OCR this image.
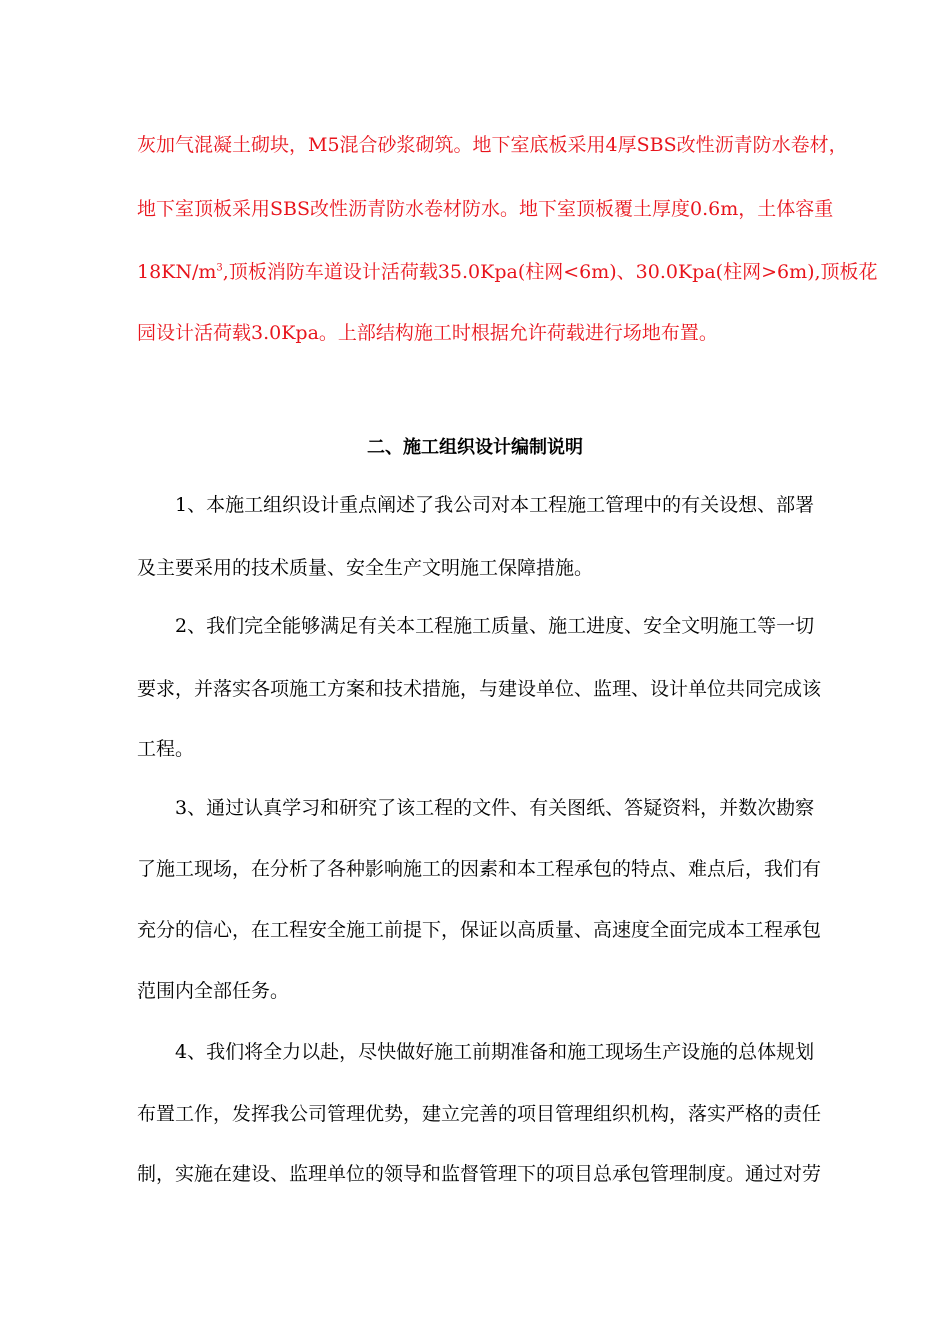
灰加气混凝土砌块，M5混合砂浆砌筑。地下室底板采用4厚SBS改性沥青防水卷材，
地下室顶板采用SBS改性沥青防水卷材防水。地下室顶板覆土厚度0.6m，土体容重
$18KN/m^3$,顶板消防车道设计活荷载35.0Kpa(柱网<6m)、30.0Kpa(柱网>6m),顶板花
园设计活荷载3.0Kpa。上部结构施工时根据允许荷载进行场地布置。
二、施工组织设计编制说明
1、本施工组织设计重点阐述了我公司对本工程施工管理中的有关设想、部署
及主要采用的技术质量、安全生产文明施工保障措施。
2、我们完全能够满足有关本工程施工质量、施工进度、安全文明施工等一切
要求，并落实各项施工方案和技术措施，与建设单位、监理、设计单位共同完成该
工程。
3、通过认真学习和研究了该工程的文件、有关图纸、答疑资料，并数次勘察
了施工现场，在分析了各种影响施工的因素和本工程承包的特点、难点后，我们有
充分的信心，在工程安全施工前提下，保证以高质量、高速度全面完成本工程承包
范围内全部任务。
4、我们将全力以赴，尽快做好施工前期准备和施工现场生产设施的总体规划
布置工作，发挥我公司管理优势，建立完善的项目管理组织机构，落实严格的责任
制，实施在建设、监理单位的领导和监督管理下的项目总承包管理制度。通过对劳
